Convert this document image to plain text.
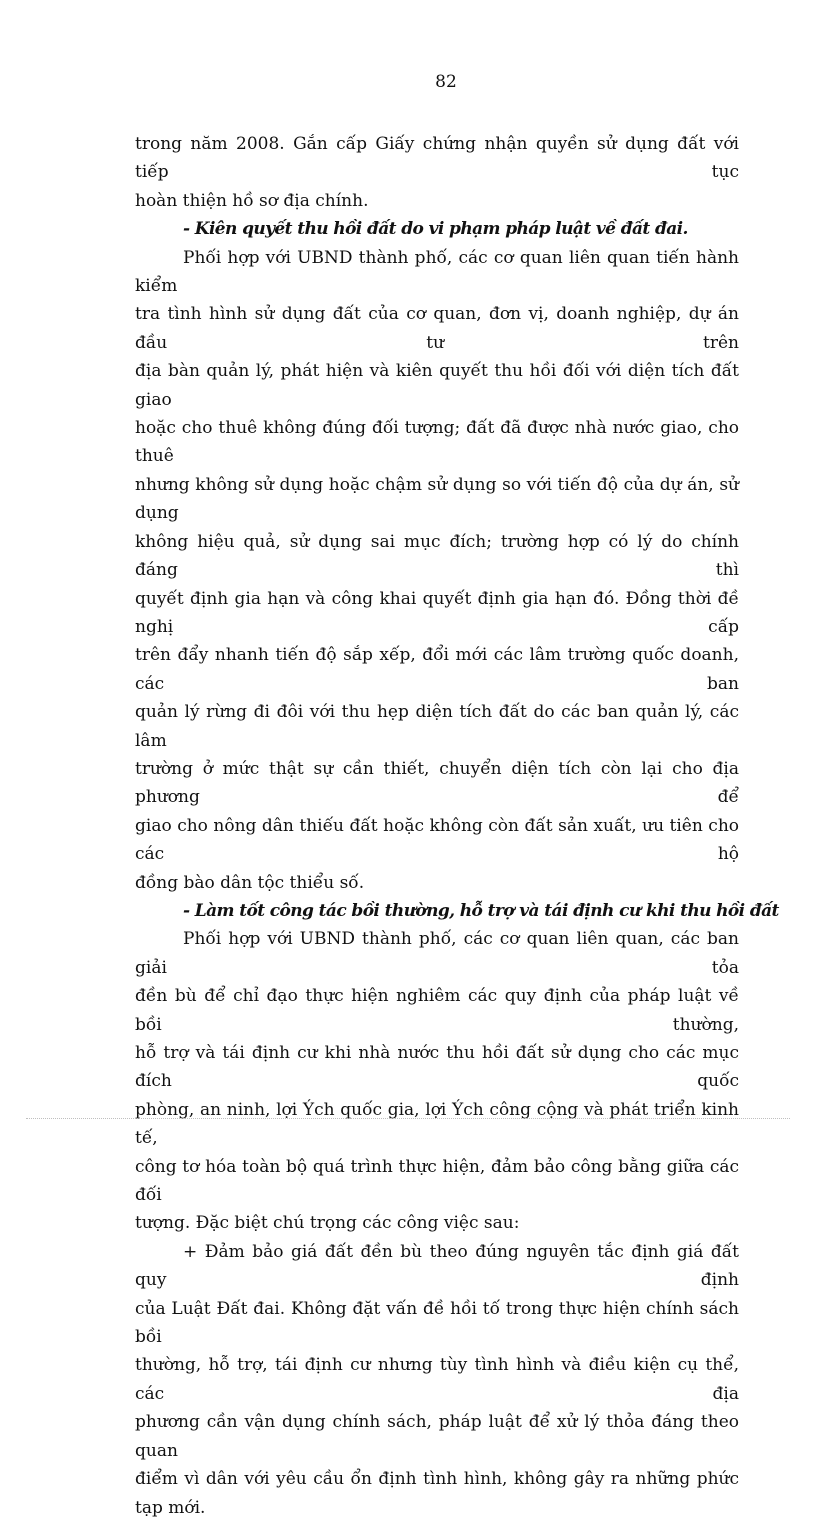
82

trong năm 2008. Gắn cấp Giấy chứng nhận quyền sử dụng đất với tiếp tục

hoàn thiện hồ sơ địa chính.

- Kiên quyết thu hồi đất do vi phạm pháp luật về đất đai.

Phối hợp với UBND thành phố, các cơ quan liên quan tiến hành kiểm

tra tình hình sử dụng đất của cơ quan, đơn vị, doanh nghiệp, dự án đầu tư trên

địa bàn quản lý, phát hiện và kiên quyết thu hồi đối với diện tích đất giao

hoặc cho thuê không đúng đối tượng; đất đã được nhà nước giao, cho thuê

nhưng không sử dụng hoặc chậm sử dụng so với tiến độ của dự án, sử dụng

không hiệu quả, sử dụng sai mục đích; trường hợp có lý do chính đáng thì

quyết định gia hạn và công khai quyết định gia hạn đó. Đồng thời đề nghị cấp

trên đẩy nhanh tiến độ sắp xếp, đổi mới các lâm trường quốc doanh, các ban

quản lý rừng đi đôi với thu hẹp diện tích đất do các ban quản lý, các lâm

trường ở mức thật sự cần thiết, chuyển diện tích còn lại cho địa phương để

giao cho nông dân thiếu đất hoặc không còn đất sản xuất, ưu tiên cho các hộ

đồng bào dân tộc thiểu số.

- Làm tốt công tác bồi thường, hỗ trợ và tái định cư khi thu hồi đất

Phối hợp với UBND thành phố, các cơ quan liên quan, các ban giải tỏa

đền bù để chỉ đạo thực hiện nghiêm các quy định của pháp luật về bồi thường,

hỗ trợ và tái định cư khi nhà nước thu hồi đất sử dụng cho các mục đích quốc

phòng, an ninh, lợi Ých quốc gia, lợi Ých công cộng và phát triển kinh tế,

công tơ hóa toàn bộ quá trình thực hiện, đảm bảo công bằng giữa các đối

tượng. Đặc biệt chú trọng các công việc sau:

+ Đảm bảo giá đất đền bù theo đúng nguyên tắc định giá đất quy định

của Luật Đất đai. Không đặt vấn đề hồi tố trong thực hiện chính sách bồi

thường, hỗ trợ, tái định cư nhưng tùy tình hình và điều kiện cụ thể, các địa

phương cần vận dụng chính sách, pháp luật để xử lý thỏa đáng theo quan

điểm vì dân với yêu cầu ổn định tình hình, không gây ra những phức tạp mới.
